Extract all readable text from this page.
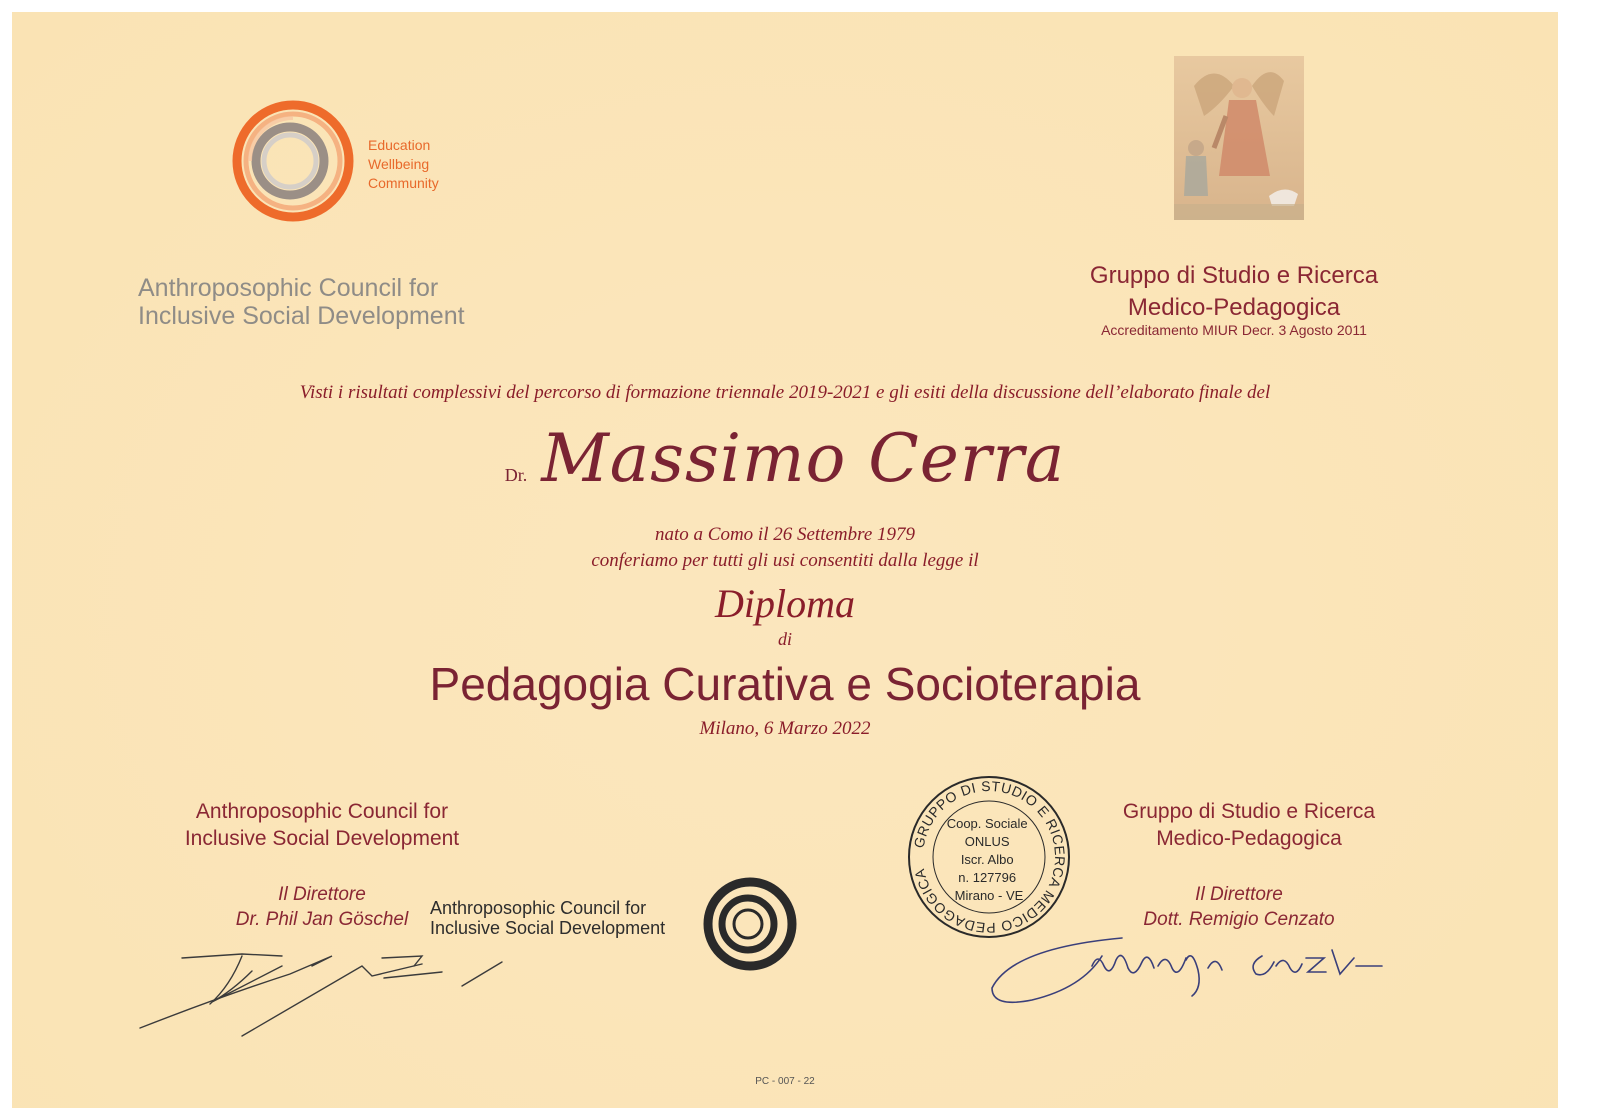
Education
Wellbeing
Community
Anthroposophic Council for
Inclusive Social Development
Gruppo di Studio e Ricerca
Medico-Pedagogica
Accreditamento MIUR Decr. 3 Agosto 2011
Visti i risultati complessivi del percorso di formazione triennale 2019-2021 e gli esiti della discussione dell’elaborato finale del
Dr. Massimo Cerra
nato a Como il 26 Settembre 1979
conferiamo per tutti gli usi consentiti dalla legge il
Diploma
di
Pedagogia Curativa e Socioterapia
Milano, 6 Marzo 2022
Anthroposophic Council for
Inclusive Social Development
Il Direttore
Dr. Phil Jan Göschel
Anthroposophic Council for
Inclusive Social Development
GRUPPO DI STUDIO E RICERCA MEDICO PEDAGOGICA
Coop. Sociale ONLUS Iscr. Albo n. 127796 Mirano - VE
Gruppo di Studio e Ricerca
Medico-Pedagogica
Il Direttore
Dott. Remigio Cenzato
PC - 007 - 22
